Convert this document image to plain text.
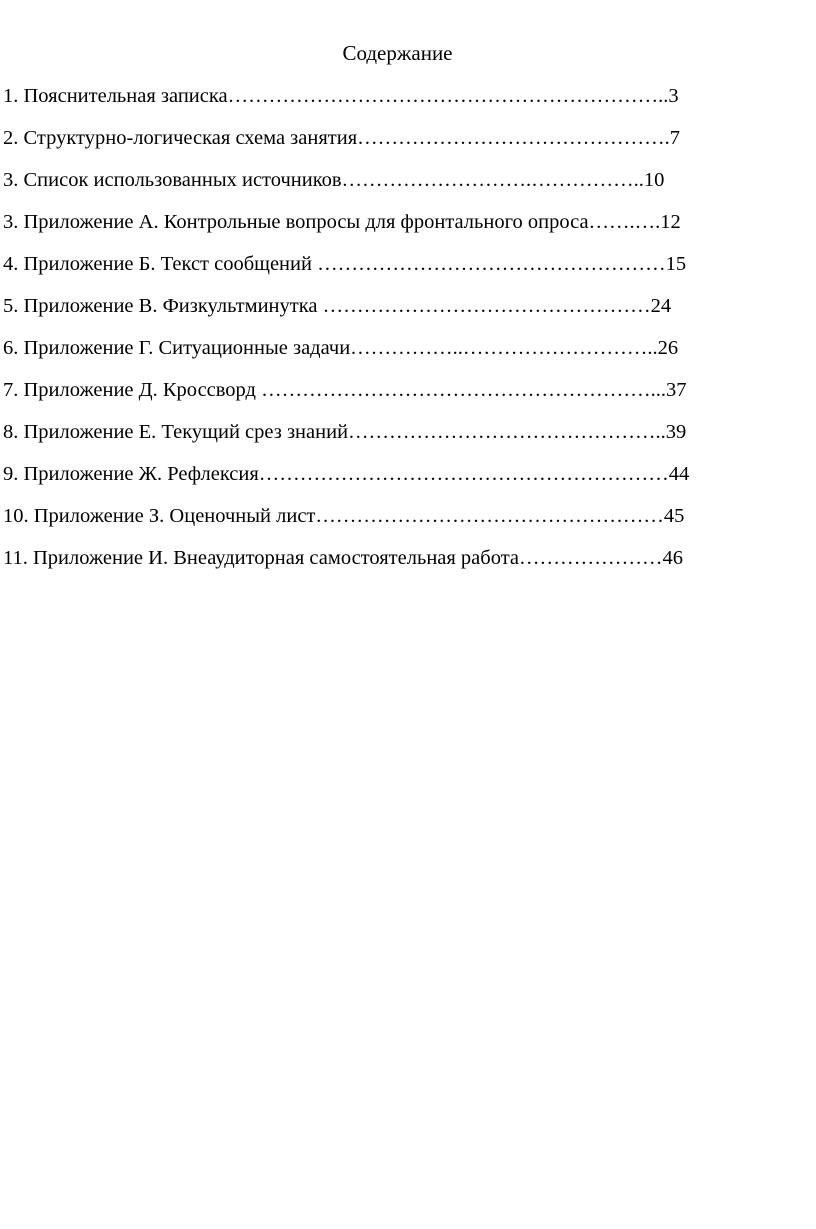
Содержание
1. Пояснительная записка………………………………………………………..3
2. Структурно-логическая схема занятия……………………………………….7
3. Список использованных источников……………………….……………..10
3. Приложение А. Контрольные вопросы для фронтального опроса…….….12
4. Приложение Б. Текст сообщений ……………………………………………15
5. Приложение В. Физкультминутка …………………………………………24
6. Приложение Г. Ситуационные задачи……………..………………………..26
7. Приложение Д. Кроссворд …………………………………………………...37
8. Приложение Е. Текущий срез знаний………………………………………..39
9. Приложение Ж. Рефлексия……………………………………………………44
10. Приложение З. Оценочный лист……………………………………………45
11. Приложение И. Внеаудиторная самостоятельная работа…………………46
